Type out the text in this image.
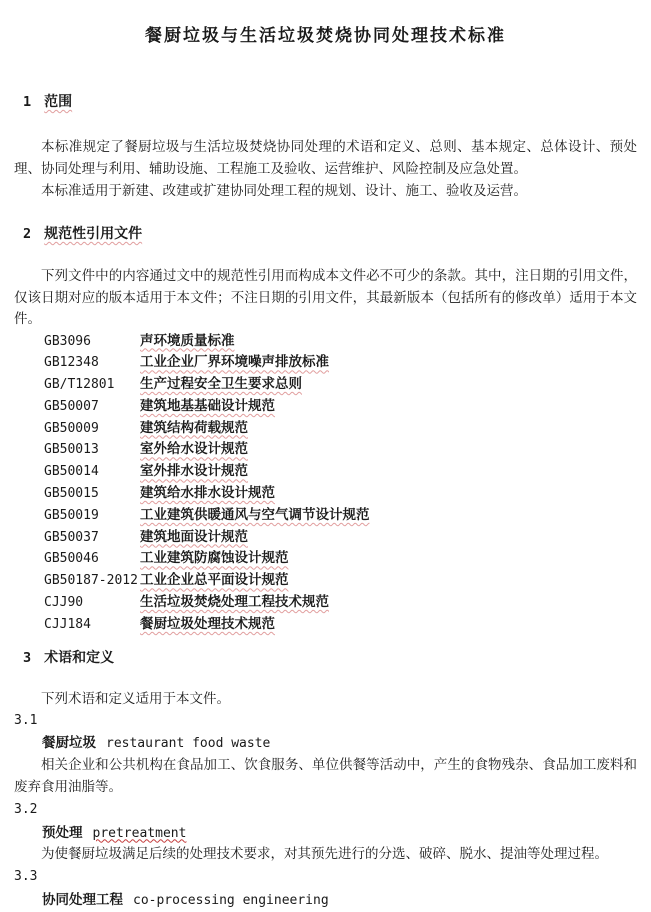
餐厨垃圾与生活垃圾焚烧协同处理技术标准
1 范围

本标准规定了餐厨垃圾与生活垃圾焚烧协同处理的术语和定义、总则、基本规定、总体设计、预处理、协同处理与利用、辅助设施、工程施工及验收、运营维护、风险控制及应急处置。

本标准适用于新建、改建或扩建协同处理工程的规划、设计、施工、验收及运营。

2 规范性引用文件

下列文件中的内容通过文中的规范性引用而构成本文件必不可少的条款。其中，注日期的引用文件，仅该日期对应的版本适用于本文件；不注日期的引用文件，其最新版本（包括所有的修改单）适用于本文件。

GB3096	声环境质量标准
GB12348	工业企业厂界环境噪声排放标准
GB/T12801	生产过程安全卫生要求总则
GB50007	建筑地基基础设计规范
GB50009	建筑结构荷载规范
GB50013	室外给水设计规范
GB50014	室外排水设计规范
GB50015	建筑给水排水设计规范
GB50019	工业建筑供暖通风与空气调节设计规范
GB50037	建筑地面设计规范
GB50046	工业建筑防腐蚀设计规范
GB50187-2012 工业企业总平面设计规范
CJJ90	生活垃圾焚烧处理工程技术规范
CJJ184	餐厨垃圾处理技术规范
3 术语和定义

下列术语和定义适用于本文件。

3.1
餐厨垃圾 restaurant food waste

相关企业和公共机构在食品加工、饮食服务、单位供餐等活动中，产生的食物残杂、食品加工废料和废弃食用油脂等。

3.2
预处理 pretreatment

为使餐厨垃圾满足后续的处理技术要求，对其预先进行的分选、破碎、脱水、提油等处理过程。

3.3
协同处理工程 co-processing engineering
